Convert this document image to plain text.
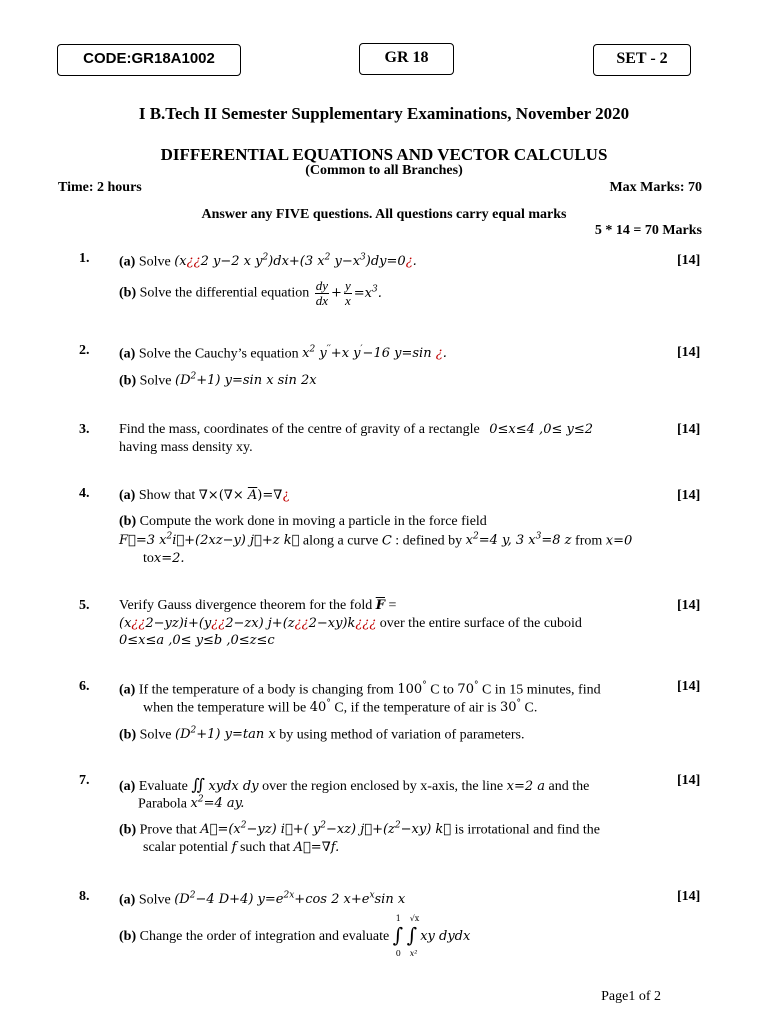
CODE:GR18A1002	GR 18	SET - 2
I B.Tech II Semester Supplementary Examinations, November 2020
DIFFERENTIAL EQUATIONS AND VECTOR CALCULUS
(Common to all Branches)
Time: 2 hours	Max Marks: 70
Answer any FIVE questions. All questions carry equal marks
5 * 14 = 70 Marks
1.	[14]
(a) Solve (x¿¿2 y−2 x $y^2)dx+(3$ $x^2$ $y-x^3)dy=0¿$.
(b) Solve the differential equation $\frac{dy}{dx} + \frac{y}{x} =x^3$.
2.	[14]
(a) Solve the Cauchy’s equation $x^2$ y′′+x y′−16 y=sin ¿.
(b) Solve $(D^2+1)$ y=sin x sin 2x
3.	[14]
Find the mass, coordinates of the centre of gravity of a rectangle 0≤x≤4 ,0≤ y≤2
having mass density xy.
4.	[14]
(a) Show that ∇×(∇× $\overline{A})=\nabla¿$
(b) Compute the work done in moving a particle in the force field
F⃗=3 $x^2i⃗+(2xz-y)$ j⃗+z k⃗ along a curve C : defined by $x^2=4$ y, 3 $x^3=8$ z from x=0
tox=2.
5.	[14]
Verify Gauss divergence theorem for the fold $\overline{F}$ =
(x¿¿2−yz)i+(y¿¿2−zx) j+(z¿¿2−xy)k¿¿¿ over the entire surface of the cuboid
0≤x≤a ,0≤ y≤b ,0≤z≤c
6.	[14]
(a) If the temperature of a body is changing from 100° C to 70° C in 15 minutes, find
when the temperature will be 40° C, if the temperature of air is 30° C.
(b) Solve $(D^2+1)$ y=tan x by using method of variation of parameters.
7.	[14]
(a) Evaluate ∬ xydx dy over the region enclosed by x-axis, the line x=2 a and the
Parabola $x^2=4$ ay.
(b) Prove that $A⃗=(x^2-yz)$ i⃗+( $y^2-xz$) $j⃗+(z^2-xy)$ k⃗ is irrotational and find the
scalar potential f such that A⃗=∇f.
8.	[14]
(a) Solve ($D^2-4$ D+4) $y=e^{2x}+\cos$ 2 $x+e^x\sin$ x
(b) Change the order of integration and evaluate
1
∫
0
√x
∫
x²
xy dydx
Page1 of 2
